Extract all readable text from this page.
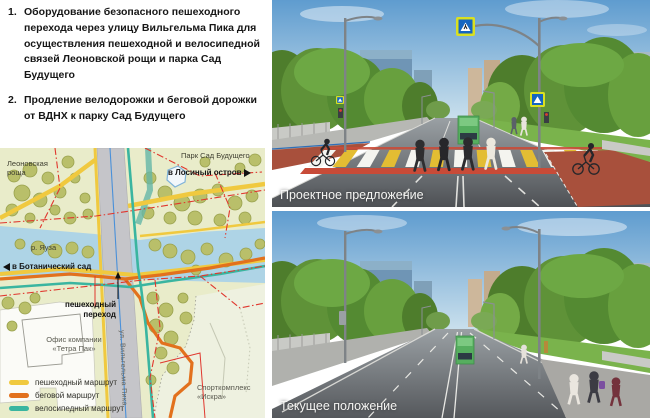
1. Оборудование безопасного пешеходного перехода через улицу Вильгельма Пика для осуществления пешеходной и велосипедной связей Леоновской рощи и парка Сад Будущего
2. Продление велодорожки и беговой дорожки от ВДНХ к парку Сад Будущего
Леоновская роща
Парк Сад Будущего
в Лосиный остров
р. Яуза
в Ботанический сад
пешеходный переход
Офис компании «Тетра Пак»	ул. Вильгельма Пика	Спорткомплекс «Искра»
пешеходный маршрут
беговой маршрут
велосипедный маршрут
Проектное предложение
Текущее положение
